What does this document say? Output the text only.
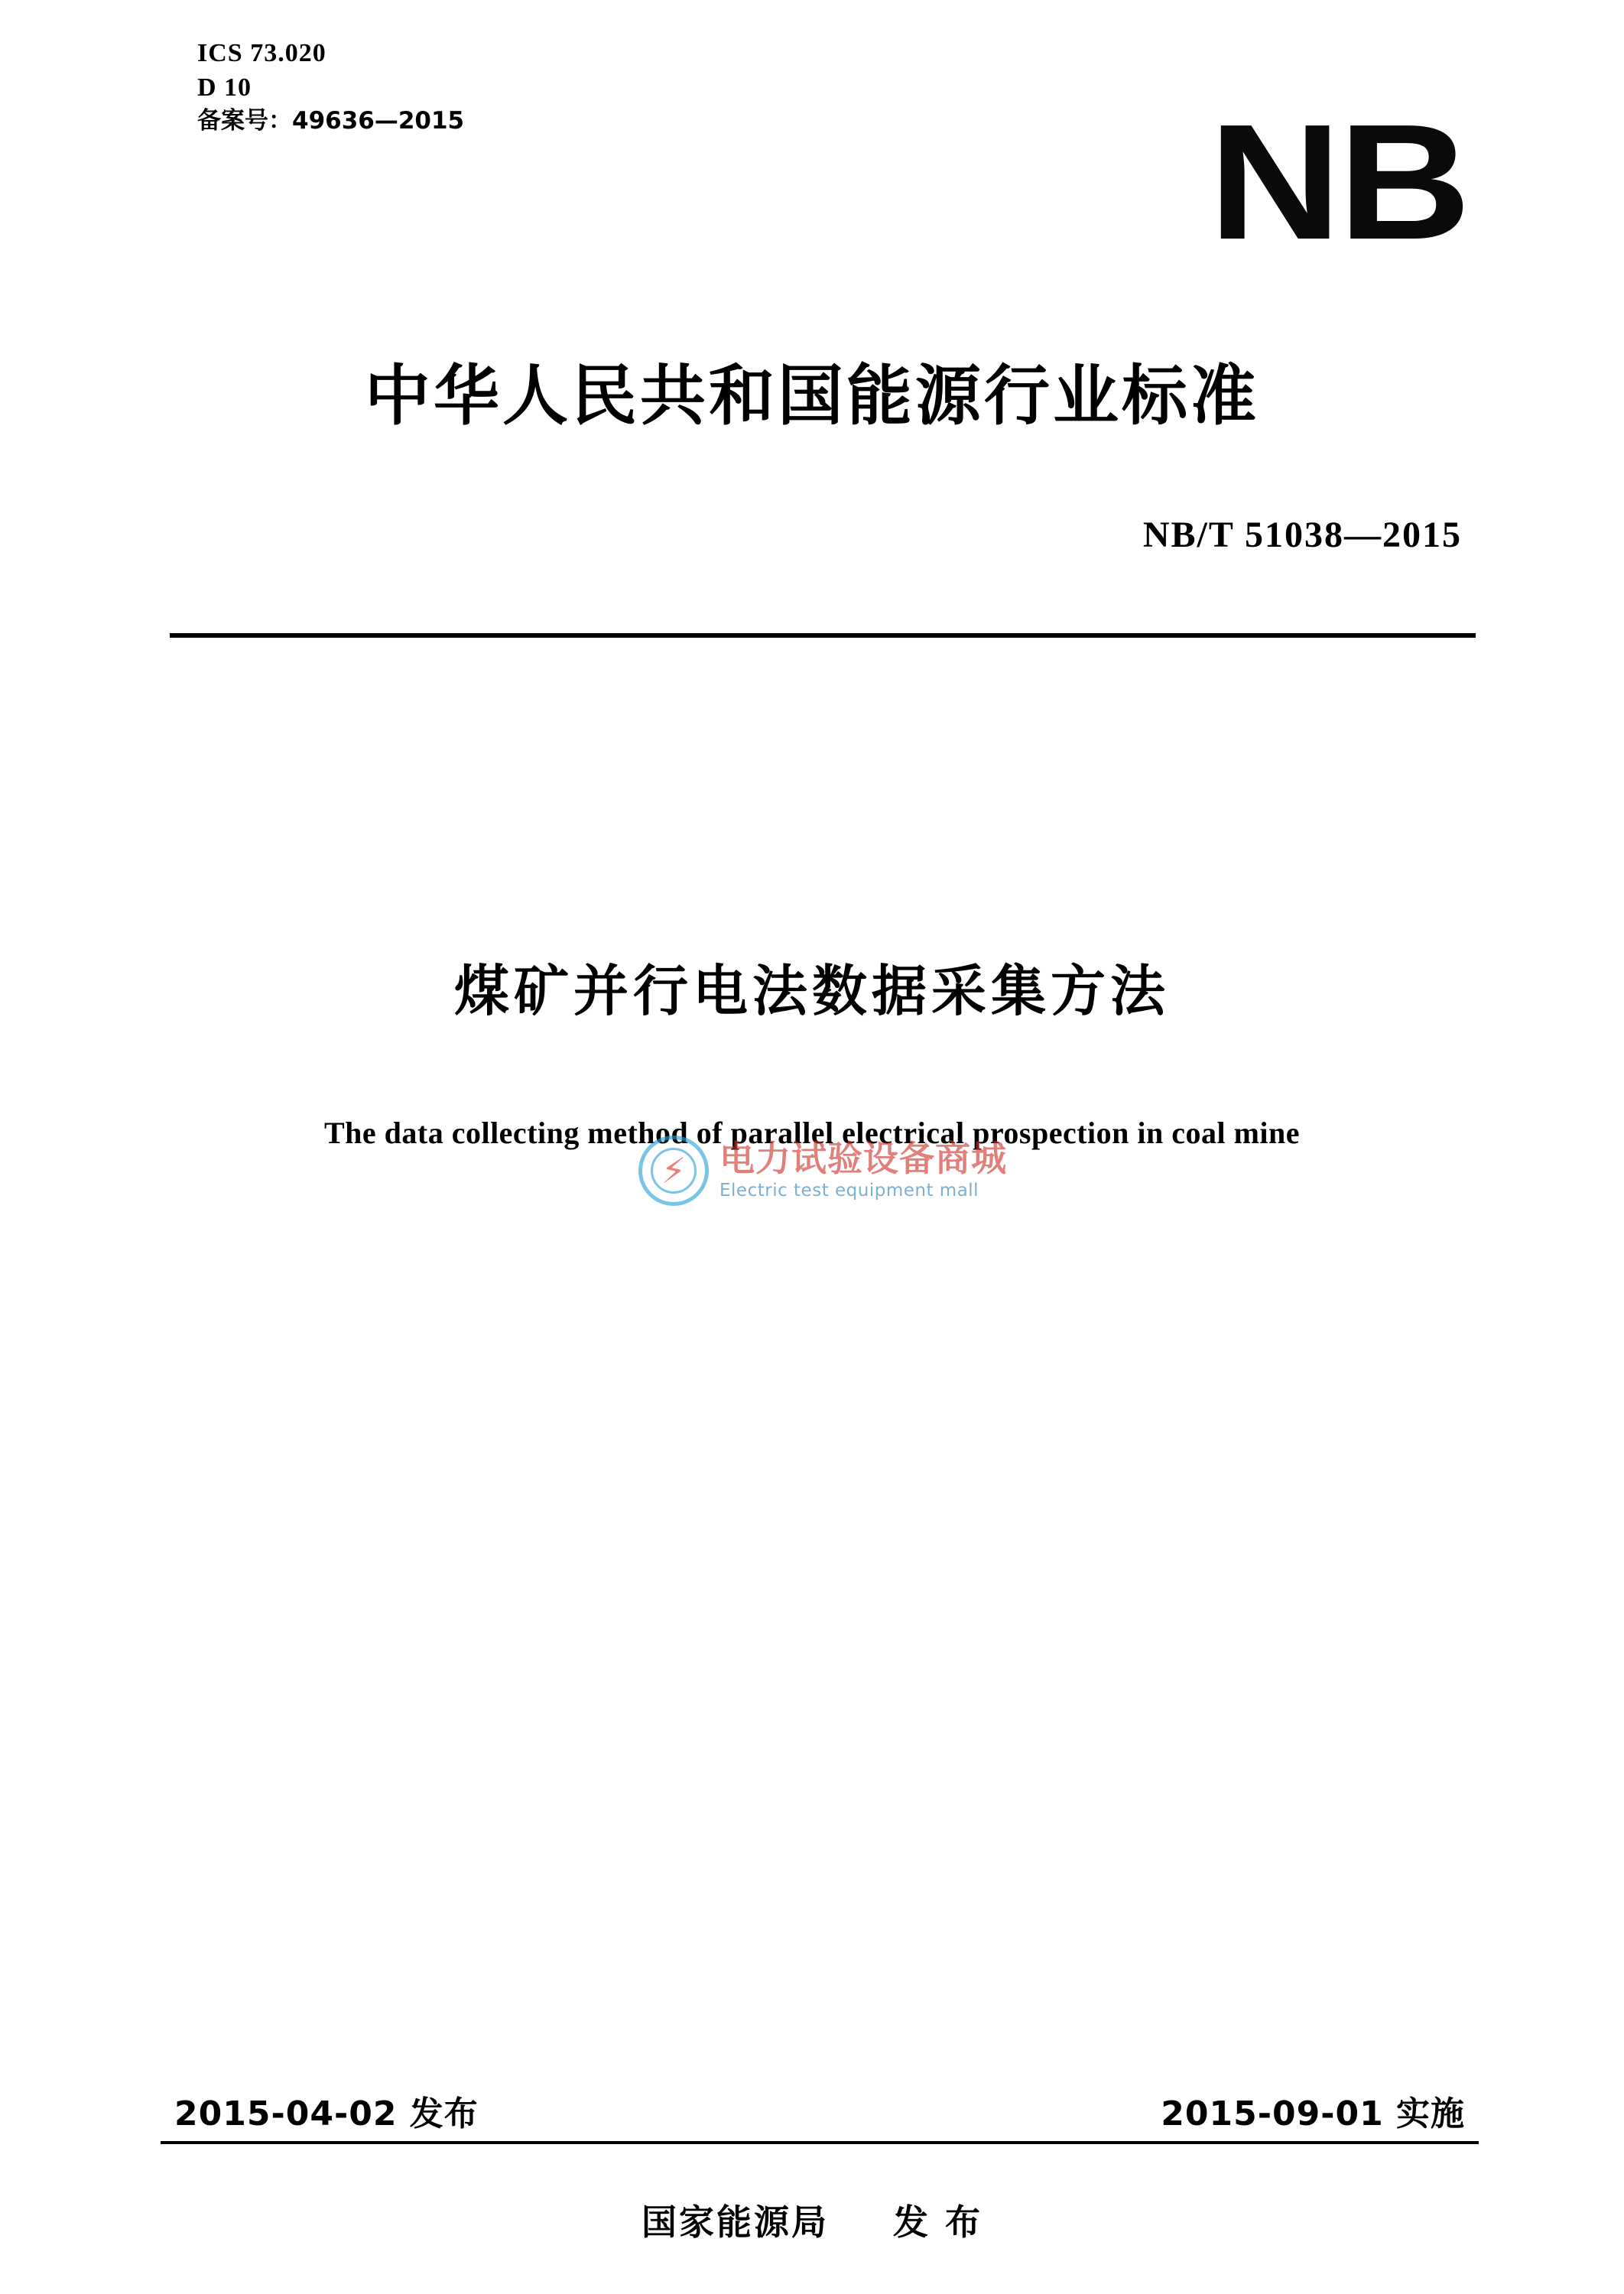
ICS 73.020
D 10
备案号：49636—2015	NB
中华人民共和国能源行业标准
NB/T 51038—2015
煤矿并行电法数据采集方法
The data collecting method of parallel electrical prospection in coal mine
⚡ 电力试验设备商城
Electric test equipment mall
2015-04-02 发布	2015-09-01 实施
国家能源局 发 布
